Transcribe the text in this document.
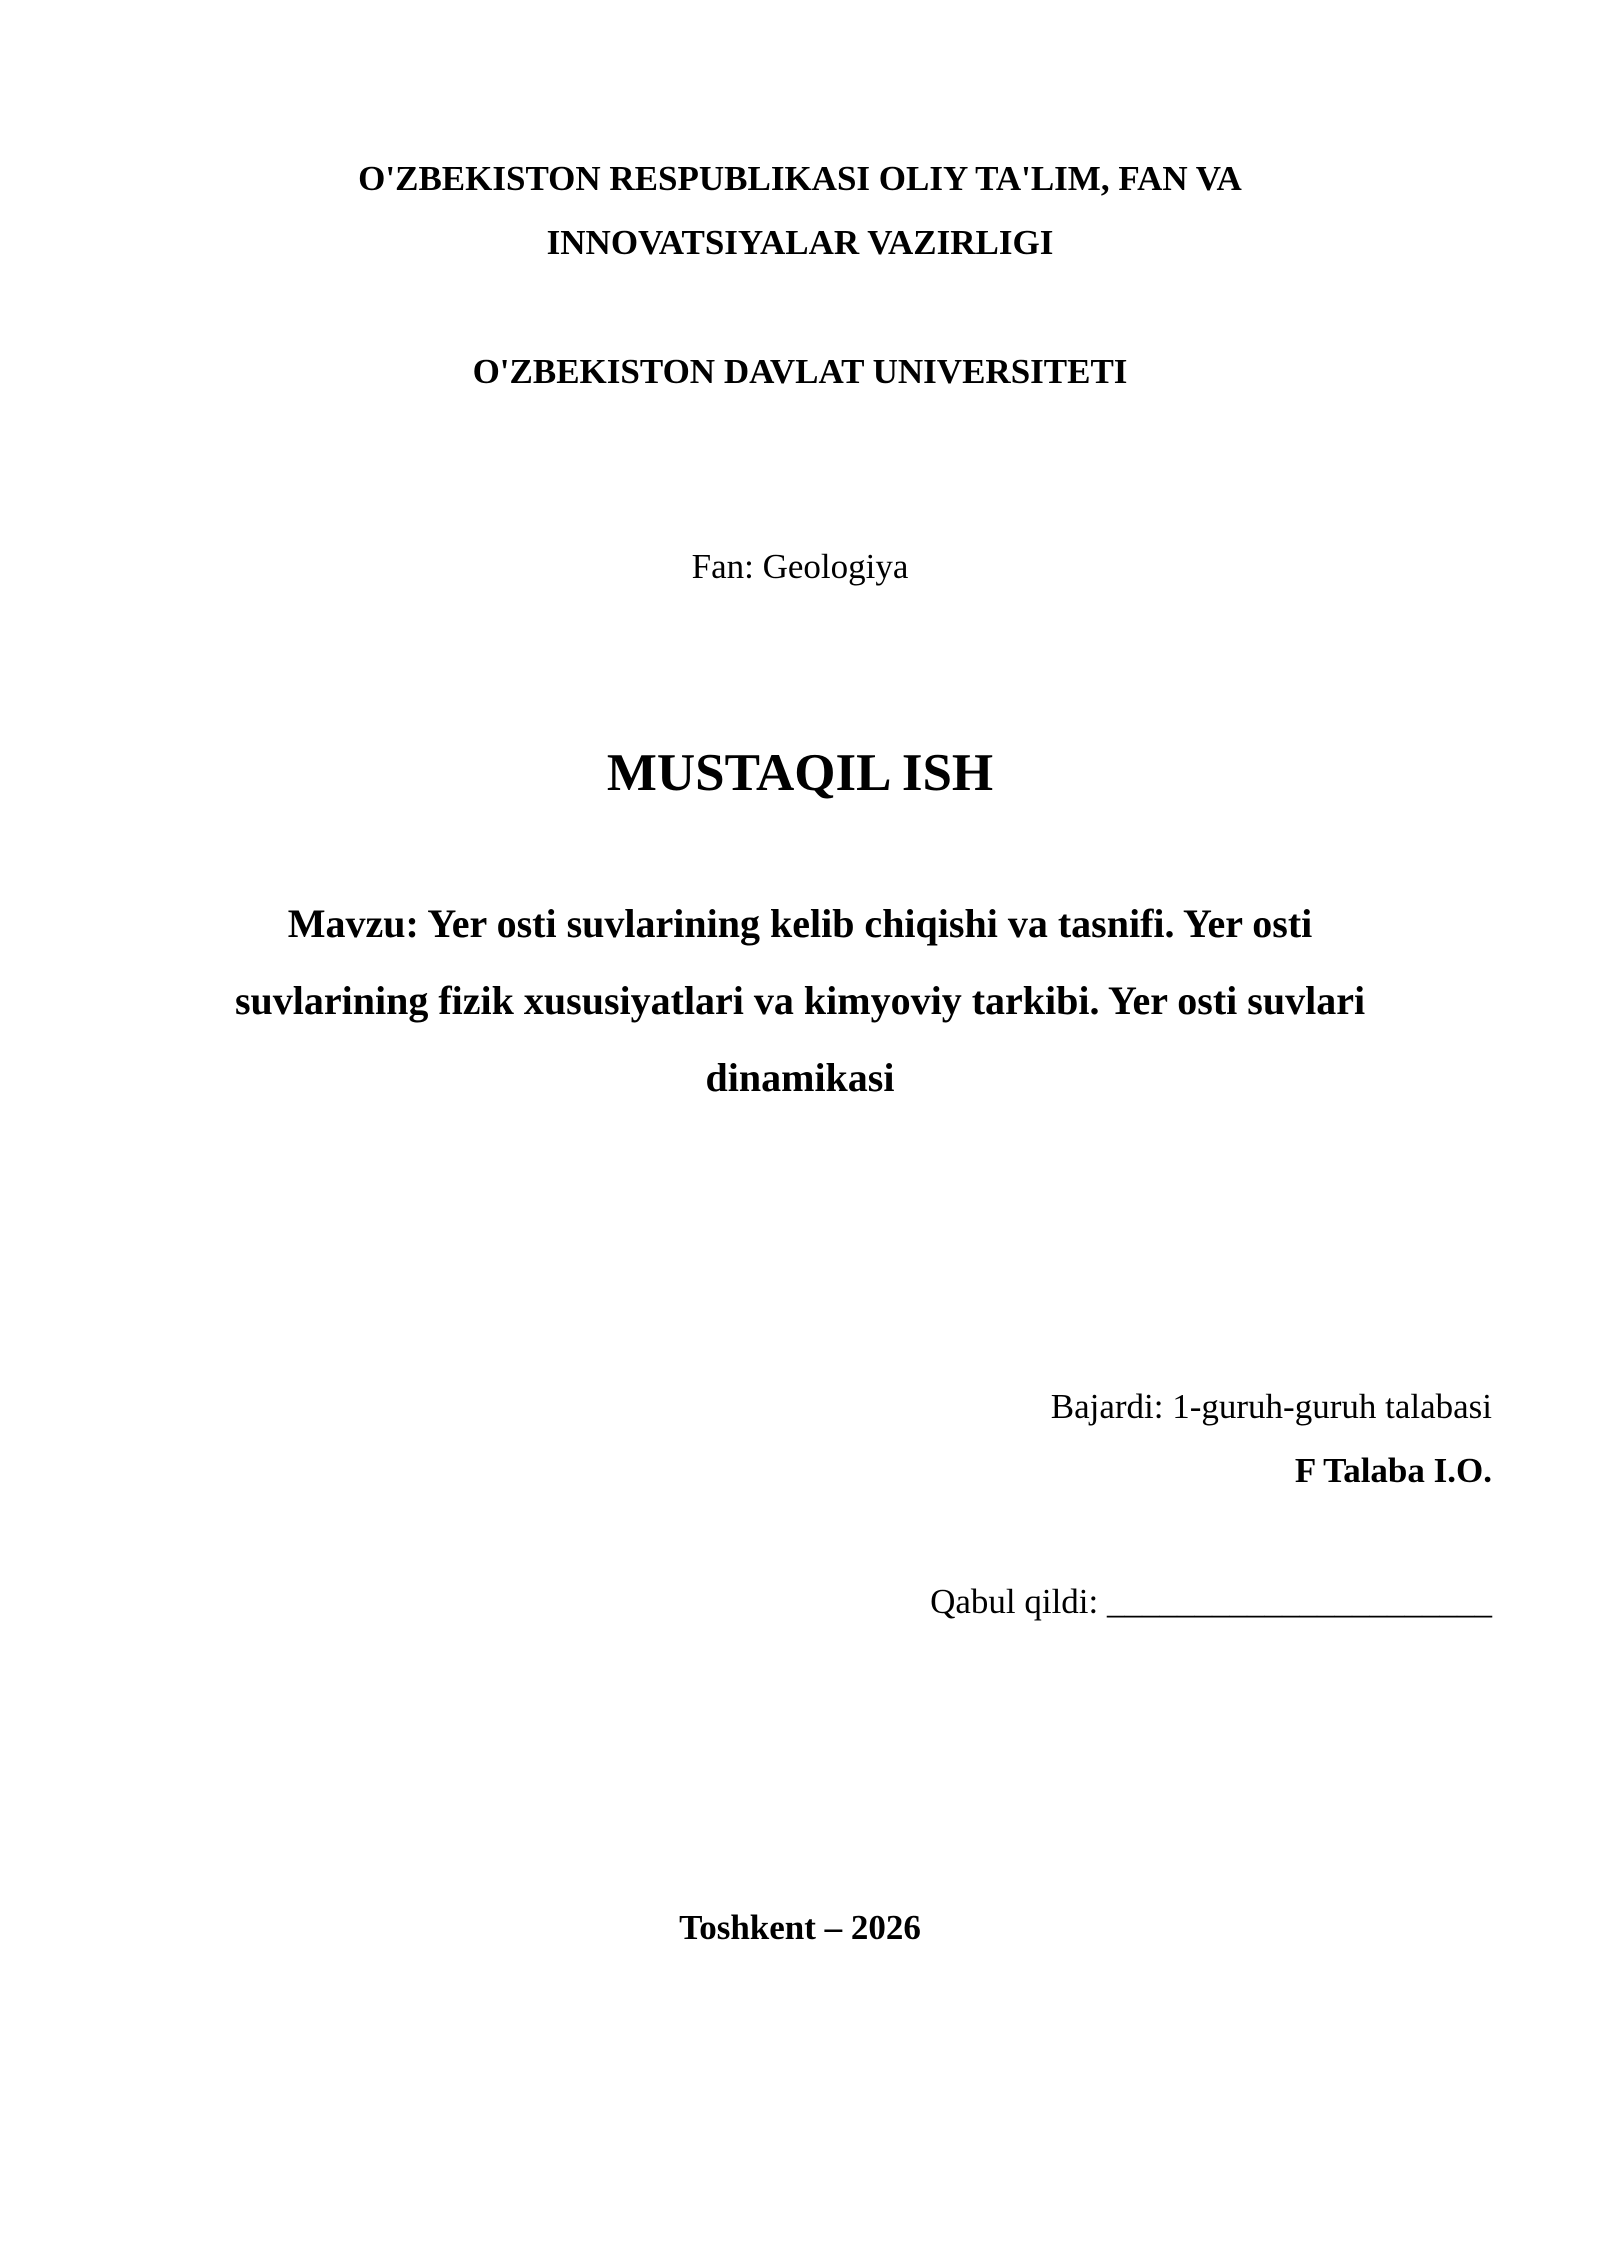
O'ZBEKISTON RESPUBLIKASI OLIY TA'LIM, FAN VA
INNOVATSIYALAR VAZIRLIGI
O'ZBEKISTON DAVLAT UNIVERSITETI
Fan: Geologiya
MUSTAQIL ISH
Mavzu: Yer osti suvlarining kelib chiqishi va tasnifi. Yer osti suvlarining fizik xususiyatlari va kimyoviy tarkibi. Yer osti suvlari dinamikasi
Bajardi: 1-guruh-guruh talabasi
F Talaba I.O.
Qabul qildi: ______________________
Toshkent – 2026
